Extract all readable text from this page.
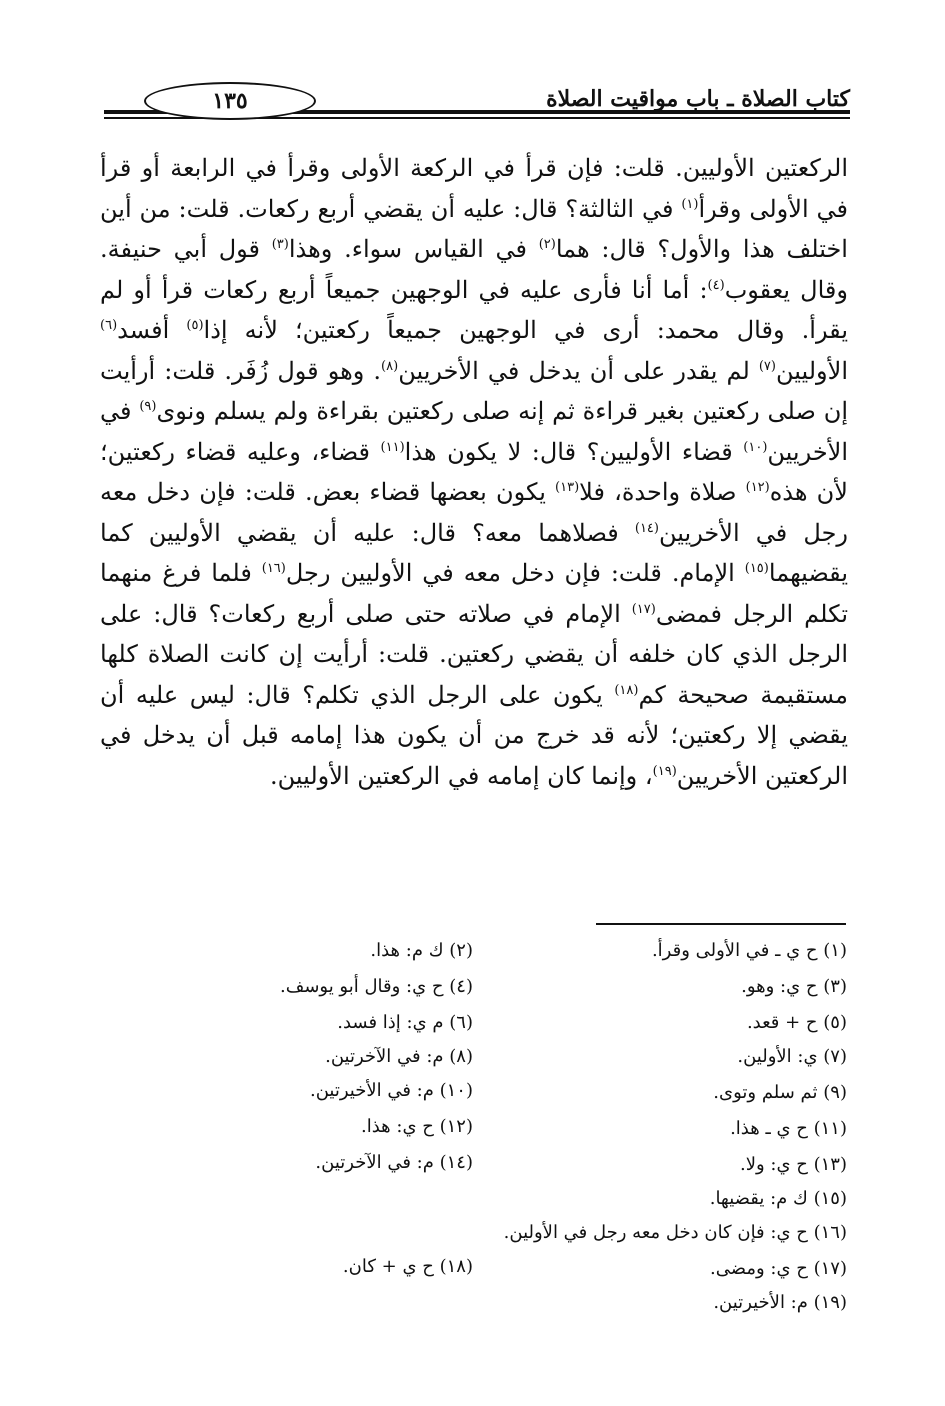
١٣٥	كتاب الصلاة ـ باب مواقيت الصلاة

الركعتين الأوليين. قلت: فإن قرأ في الركعة الأولى وقرأ في الرابعة أو قرأ في الأولى وقرأ$^{(١)}$ في الثالثة؟ قال: عليه أن يقضي أربع ركعات. قلت: من أين اختلف هذا والأول؟ قال: هما$^{(٢)}$ في القياس سواء. وهذا$^{(٣)}$ قول أبي حنيفة. وقال يعقوب$^{(٤)}$: أما أنا فأرى عليه في الوجهين جميعاً أربع ركعات قرأ أو لم يقرأ. وقال محمد: أرى في الوجهين جميعاً ركعتين؛ لأنه إذا$^{(٥)}$ أفسد$^{(٦)}$ الأوليين$^{(٧)}$ لم يقدر على أن يدخل في الأخريين$^{(٨)}$. وهو قول زُفَر. قلت: أرأيت إن صلى ركعتين بغير قراءة ثم إنه صلى ركعتين بقراءة ولم يسلم ونوى$^{(٩)}$ في الأخريين$^{(١٠)}$ قضاء الأوليين؟ قال: لا يكون هذا$^{(١١)}$ قضاء، وعليه قضاء ركعتين؛ لأن هذه$^{(١٢)}$ صلاة واحدة، فلا$^{(١٣)}$ يكون بعضها قضاء بعض. قلت: فإن دخل معه رجل في الأخريين$^{(١٤)}$ فصلاهما معه؟ قال: عليه أن يقضي الأوليين كما يقضيهما$^{(١٥)}$ الإمام. قلت: فإن دخل معه في الأوليين رجل$^{(١٦)}$ فلما فرغ منهما تكلم الرجل فمضى$^{(١٧)}$ الإمام في صلاته حتى صلى أربع ركعات؟ قال: على الرجل الذي كان خلفه أن يقضي ركعتين. قلت: أرأيت إن كانت الصلاة كلها مستقيمة صحيحة كم$^{(١٨)}$ يكون على الرجل الذي تكلم؟ قال: ليس عليه أن يقضي إلا ركعتين؛ لأنه قد خرج من أن يكون هذا إمامه قبل أن يدخل في الركعتين الأخريين$^{(١٩)}$، وإنما كان إمامه في الركعتين الأوليين.

(١) ح ي ـ في الأولى وقرأ.
(٢) ك م: هذا.
(٣) ح ي: وهو.
(٤) ح ي: وقال أبو يوسف.
(٥) ح + قعد.
(٦) م ي: إذا فسد.
(٧) ي: الأولين.
(٨) م: في الآخرتين.
(٩) ثم سلم وتوى.
(١٠) م: في الأخيرتين.
(١١) ح ي ـ هذا.
(١٢) ح ي: هذا.
(١٣) ح ي: ولا.
(١٤) م: في الآخرتين.
(١٥) ك م: يقضيها.
(١٦) ح ي: فإن كان دخل معه رجل في الأولين.
(١٧) ح ي: ومضى.
(١٨) ح ي + كان.
(١٩) م: الأخيرتين.
